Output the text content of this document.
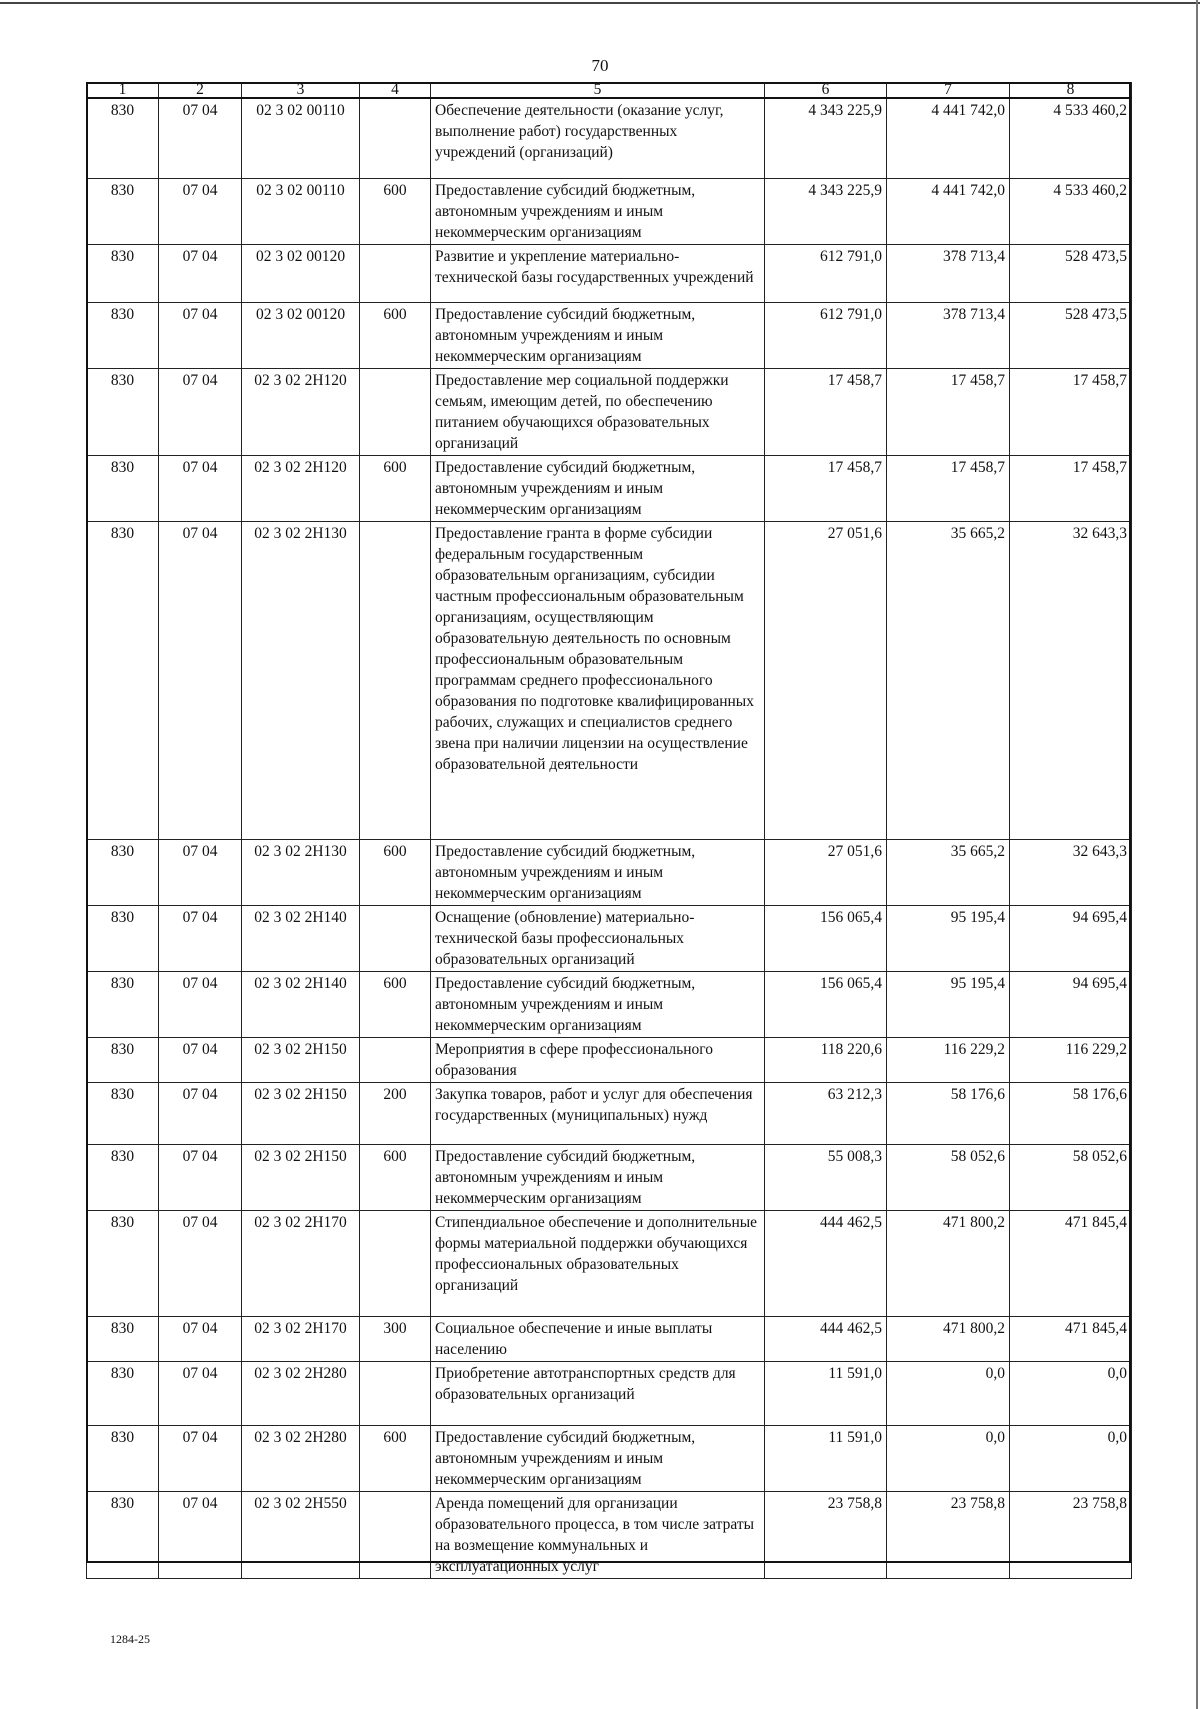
70
1	2	3	4	5	6	7	8
830	07 04	02 3 02 00110		Обеспечение деятельности (оказание услуг, выполнение работ) государственных учреждений (организаций)	4 343 225,9	4 441 742,0	4 533 460,2
830	07 04	02 3 02 00110	600	Предоставление субсидий бюджетным, автономным учреждениям и иным некоммерческим организациям	4 343 225,9	4 441 742,0	4 533 460,2
830	07 04	02 3 02 00120		Развитие и укрепление материально-технической базы государственных учреждений	612 791,0	378 713,4	528 473,5
830	07 04	02 3 02 00120	600	Предоставление субсидий бюджетным, автономным учреждениям и иным некоммерческим организациям	612 791,0	378 713,4	528 473,5
830	07 04	02 3 02 2Н120		Предоставление мер социальной поддержки семьям, имеющим детей, по обеспечению питанием обучающихся образовательных организаций	17 458,7	17 458,7	17 458,7
830	07 04	02 3 02 2Н120	600	Предоставление субсидий бюджетным, автономным учреждениям и иным некоммерческим организациям	17 458,7	17 458,7	17 458,7
830	07 04	02 3 02 2Н130		Предоставление гранта в форме субсидии федеральным государственным образовательным организациям, субсидии частным профессиональным образовательным организациям, осуществляющим образовательную деятельность по основным профессиональным образовательным программам среднего профессионального образования по подготовке квалифицированных рабочих, служащих и специалистов среднего звена при наличии лицензии на осуществление образовательной деятельности	27 051,6	35 665,2	32 643,3
830	07 04	02 3 02 2Н130	600	Предоставление субсидий бюджетным, автономным учреждениям и иным некоммерческим организациям	27 051,6	35 665,2	32 643,3
830	07 04	02 3 02 2Н140		Оснащение (обновление) материально-технической базы профессиональных образовательных организаций	156 065,4	95 195,4	94 695,4
830	07 04	02 3 02 2Н140	600	Предоставление субсидий бюджетным, автономным учреждениям и иным некоммерческим организациям	156 065,4	95 195,4	94 695,4
830	07 04	02 3 02 2Н150		Мероприятия в сфере профессионального образования	118 220,6	116 229,2	116 229,2
830	07 04	02 3 02 2Н150	200	Закупка товаров, работ и услуг для обеспечения государственных (муниципальных) нужд	63 212,3	58 176,6	58 176,6
830	07 04	02 3 02 2Н150	600	Предоставление субсидий бюджетным, автономным учреждениям и иным некоммерческим организациям	55 008,3	58 052,6	58 052,6
830	07 04	02 3 02 2Н170		Стипендиальное обеспечение и дополнительные формы материальной поддержки обучающихся профессиональных образовательных организаций	444 462,5	471 800,2	471 845,4
830	07 04	02 3 02 2Н170	300	Социальное обеспечение и иные выплаты населению	444 462,5	471 800,2	471 845,4
830	07 04	02 3 02 2Н280		Приобретение автотранспортных средств для образовательных организаций	11 591,0	0,0	0,0
830	07 04	02 3 02 2Н280	600	Предоставление субсидий бюджетным, автономным учреждениям и иным некоммерческим организациям	11 591,0	0,0	0,0
830	07 04	02 3 02 2Н550		Аренда помещений для организации образовательного процесса, в том числе затраты на возмещение коммунальных и эксплуатационных услуг	23 758,8	23 758,8	23 758,8
1284-25
